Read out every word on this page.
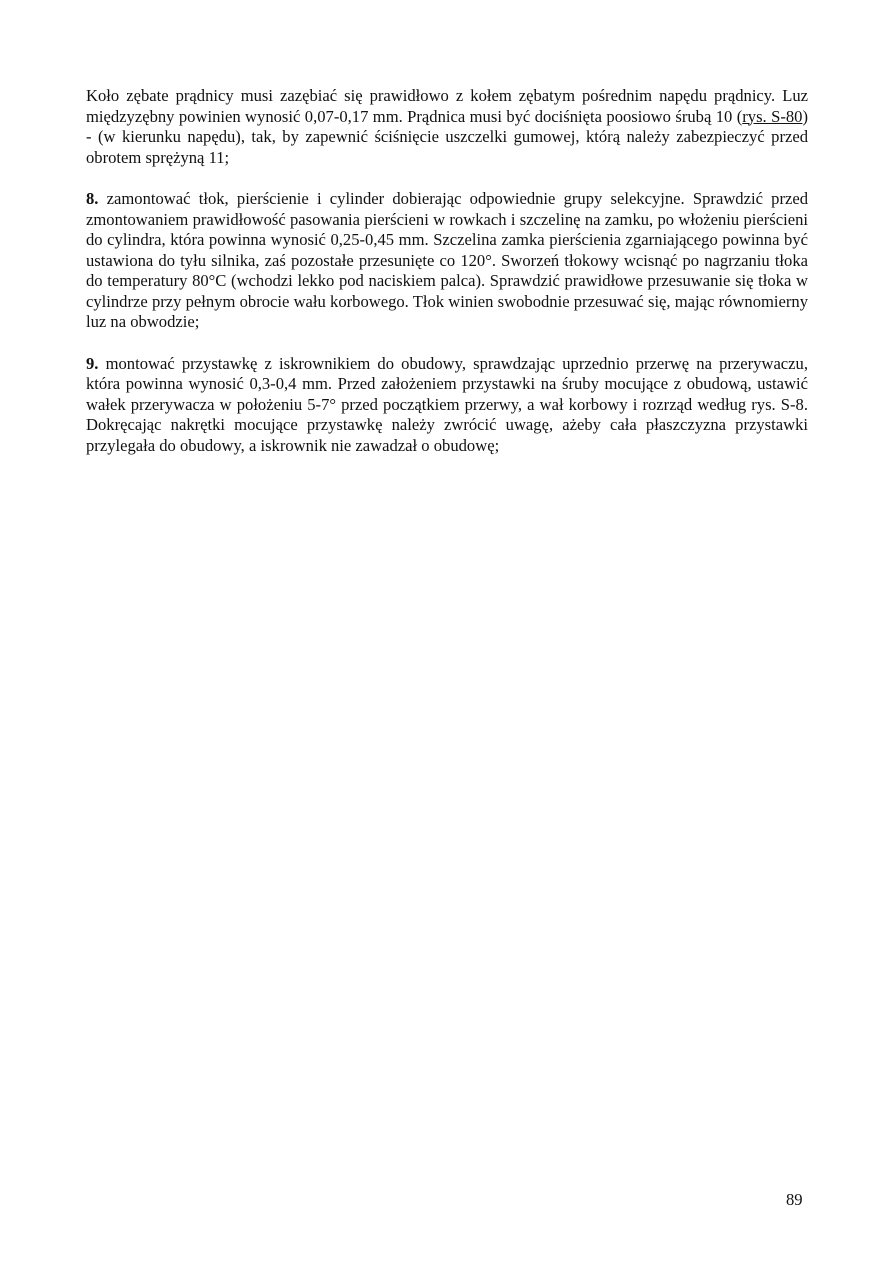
Koło zębate prądnicy musi zazębiać się prawidłowo z kołem zębatym pośrednim napędu prądnicy. Luz międzyzębny powinien wynosić 0,07-0,17 mm. Prądnica musi być dociśnięta poosiowo śrubą 10 (rys. S-80) - (w kierunku napędu), tak, by zapewnić ściśnięcie uszczelki gumowej, którą należy zabezpieczyć przed obrotem sprężyną 11;

8. zamontować tłok, pierścienie i cylinder dobierając odpowiednie grupy selekcyjne. Sprawdzić przed zmontowaniem prawidłowość pasowania pierścieni w rowkach i szczelinę na zamku, po włożeniu pierścieni do cylindra, która powinna wynosić 0,25-0,45 mm. Szczelina zamka pierścienia zgarniającego powinna być ustawiona do tyłu silnika, zaś pozostałe przesunięte co 120°. Sworzeń tłokowy wcisnąć po nagrzaniu tłoka do temperatury 80°C (wchodzi lekko pod naciskiem palca). Sprawdzić prawidłowe przesuwanie się tłoka w cylindrze przy pełnym obrocie wału korbowego. Tłok winien swobodnie przesuwać się, mając równomierny luz na obwodzie;

9. montować przystawkę z iskrownikiem do obudowy, sprawdzając uprzednio przerwę na przerywaczu, która powinna wynosić 0,3-0,4 mm. Przed założeniem przystawki na śruby mocujące z obudową, ustawić wałek przerywacza w położeniu 5-7° przed początkiem przerwy, a wał korbowy i rozrząd według rys. S-8. Dokręcając nakrętki mocujące przystawkę należy zwrócić uwagę, ażeby cała płaszczyzna przystawki przylegała do obudowy, a iskrownik nie zawadzał o obudowę;

89
